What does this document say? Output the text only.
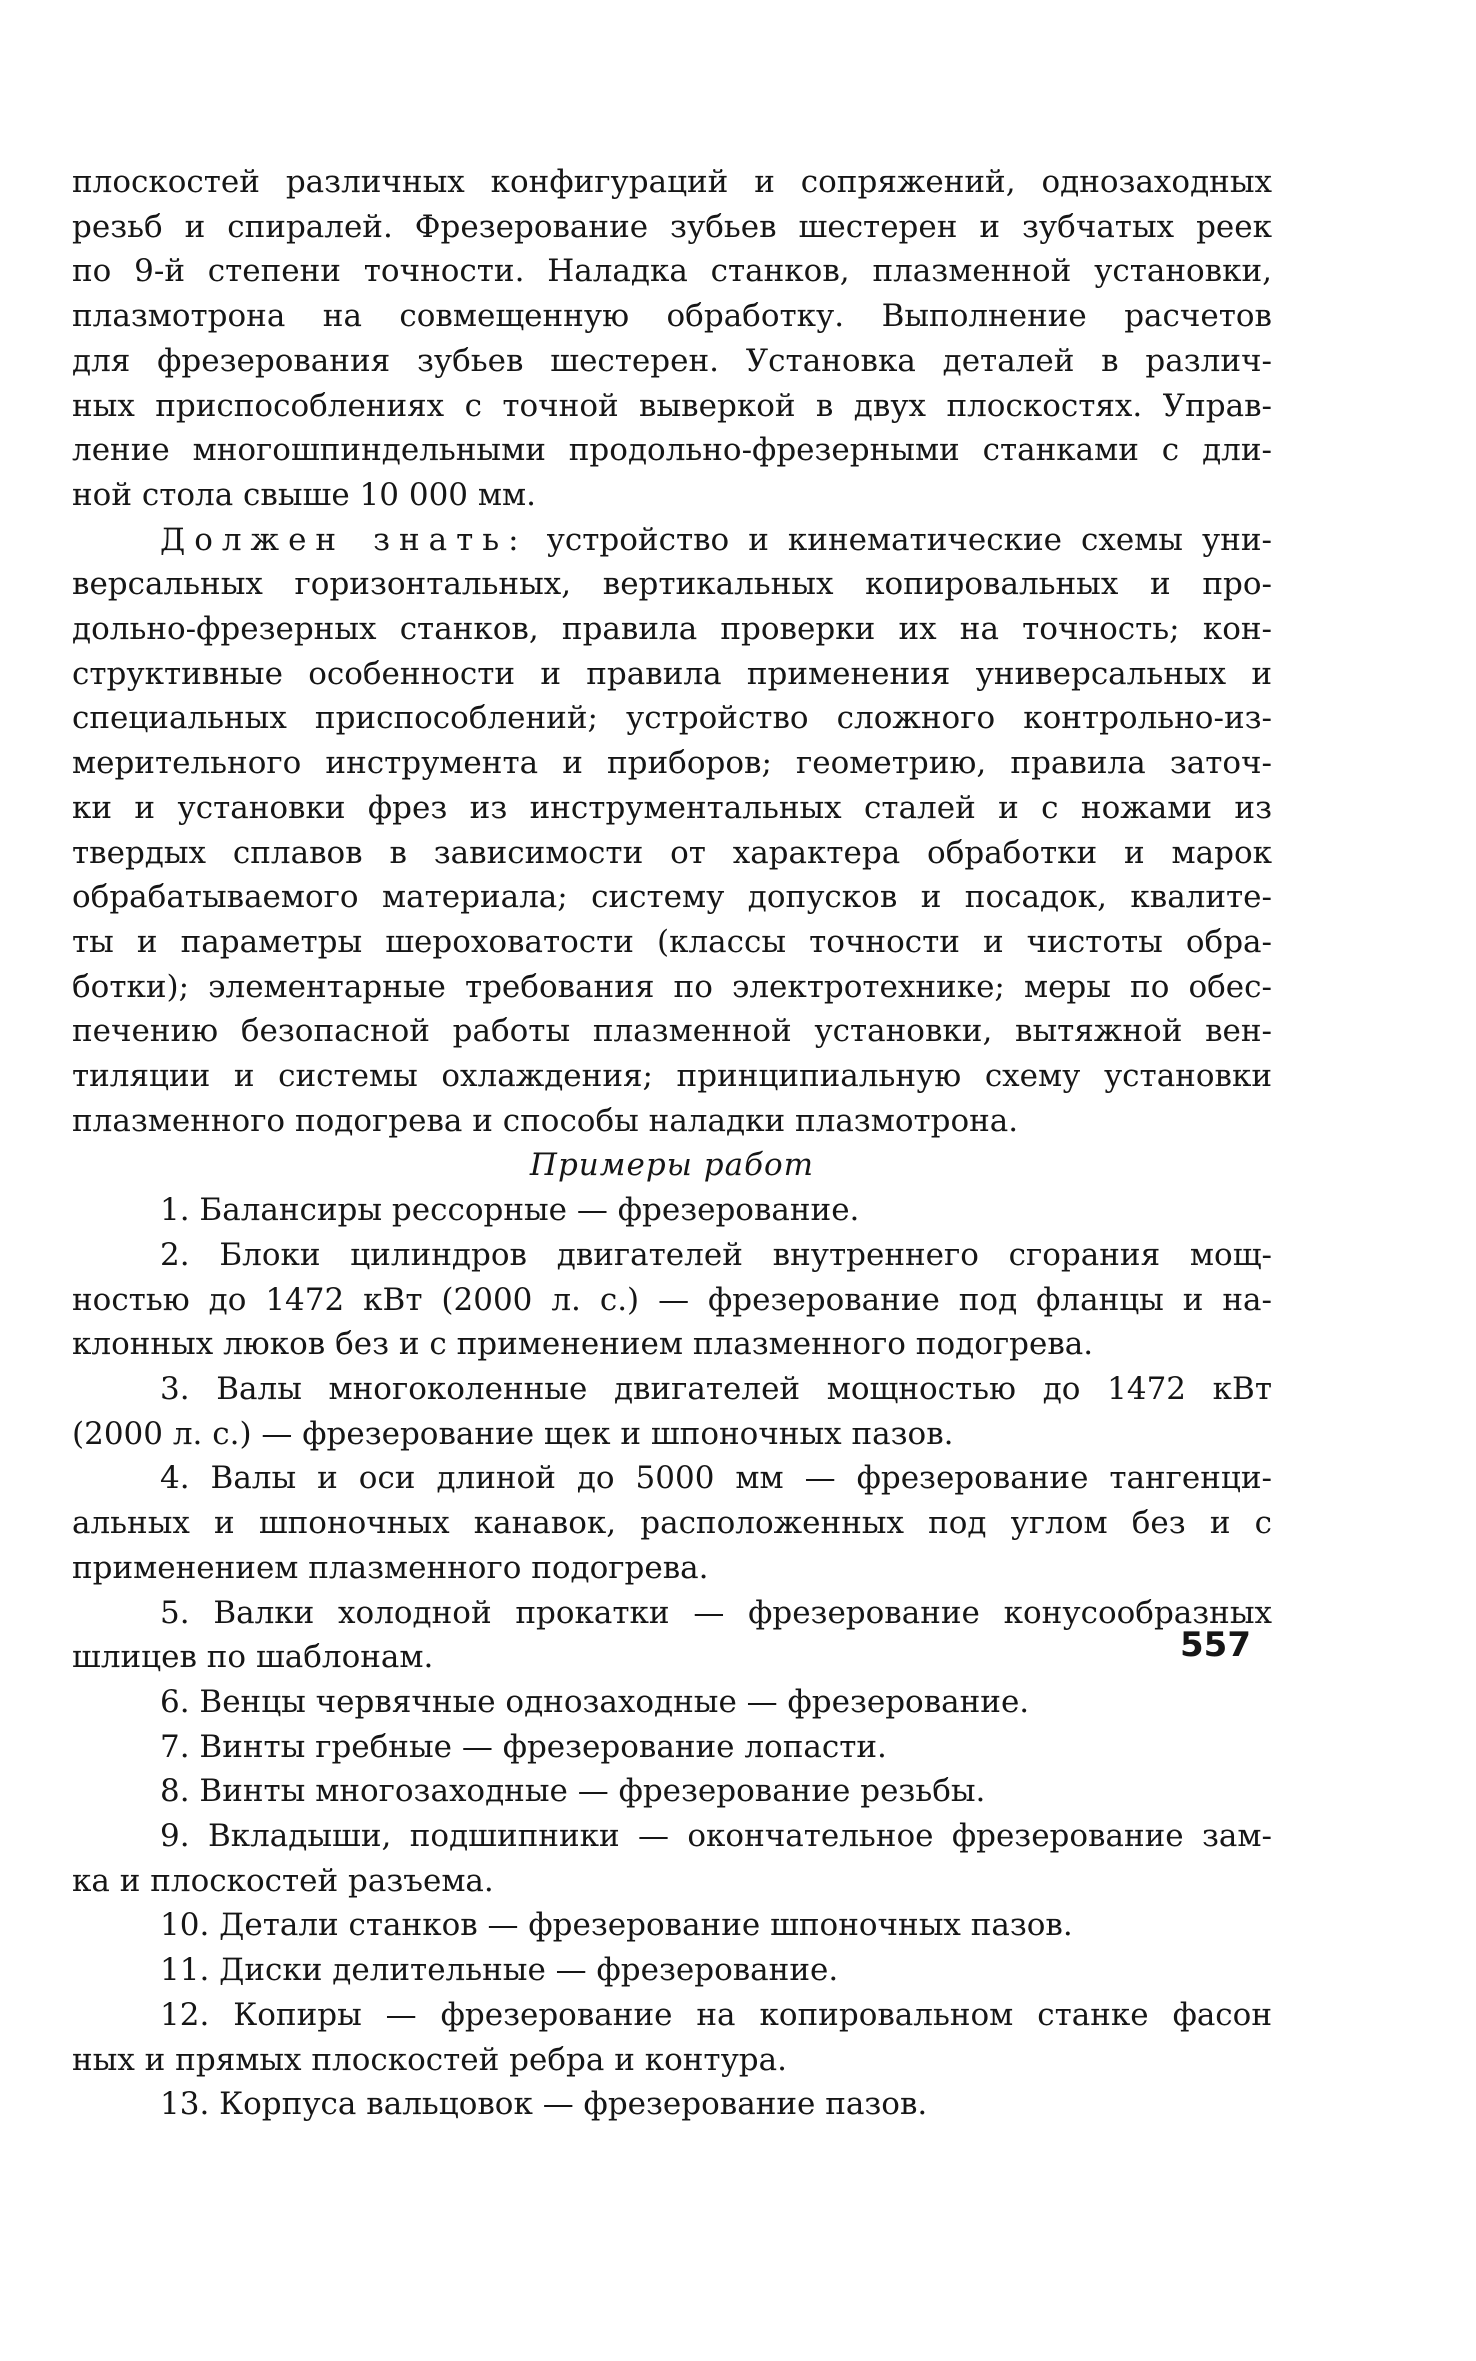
плоскостей различных конфигураций и сопряжений, однозаходных
резьб и спиралей. Фрезерование зубьев шестерен и зубчатых реек
по 9-й степени точности. Наладка станков, плазменной установки,
плазмотрона на совмещенную обработку. Выполнение расчетов
для фрезерования зубьев шестерен. Установка деталей в различ-
ных приспособлениях с точной выверкой в двух плоскостях. Управ-
ление многошпиндельными продольно-фрезерными станками с дли-
ной стола свыше 10 000 мм.
Должен знать: устройство и кинематические схемы уни-
версальных горизонтальных, вертикальных копировальных и про-
дольно-фрезерных станков, правила проверки их на точность; кон-
структивные особенности и правила применения универсальных и
специальных приспособлений; устройство сложного контрольно-из-
мерительного инструмента и приборов; геометрию, правила заточ-
ки и установки фрез из инструментальных сталей и с ножами из
твердых сплавов в зависимости от характера обработки и марок
обрабатываемого материала; систему допусков и посадок, квалите-
ты и параметры шероховатости (классы точности и чистоты обра-
ботки); элементарные требования по электротехнике; меры по обес-
печению безопасной работы плазменной установки, вытяжной вен-
тиляции и системы охлаждения; принципиальную схему установки
плазменного подогрева и способы наладки плазмотрона.
Примеры работ
1. Балансиры рессорные — фрезерование.
2. Блоки цилиндров двигателей внутреннего сгорания мощ-
ностью до 1472 кВт (2000 л. с.) — фрезерование под фланцы и на-
клонных люков без и с применением плазменного подогрева.
3. Валы многоколенные двигателей мощностью до 1472 кВт
(2000 л. с.) — фрезерование щек и шпоночных пазов.
4. Валы и оси длиной до 5000 мм — фрезерование тангенци-
альных и шпоночных канавок, расположенных под углом без и с
применением плазменного подогрева.
5. Валки холодной прокатки — фрезерование конусообразных
шлицев по шаблонам.
6. Венцы червячные однозаходные — фрезерование.
7. Винты гребные — фрезерование лопасти.
8. Винты многозаходные — фрезерование резьбы.
9. Вкладыши, подшипники — окончательное фрезерование зам-
ка и плоскостей разъема.
10. Детали станков — фрезерование шпоночных пазов.
11. Диски делительные — фрезерование.
12. Копиры — фрезерование на копировальном станке фасон
ных и прямых плоскостей ребра и контура.
13. Корпуса вальцовок — фрезерование пазов.
557
